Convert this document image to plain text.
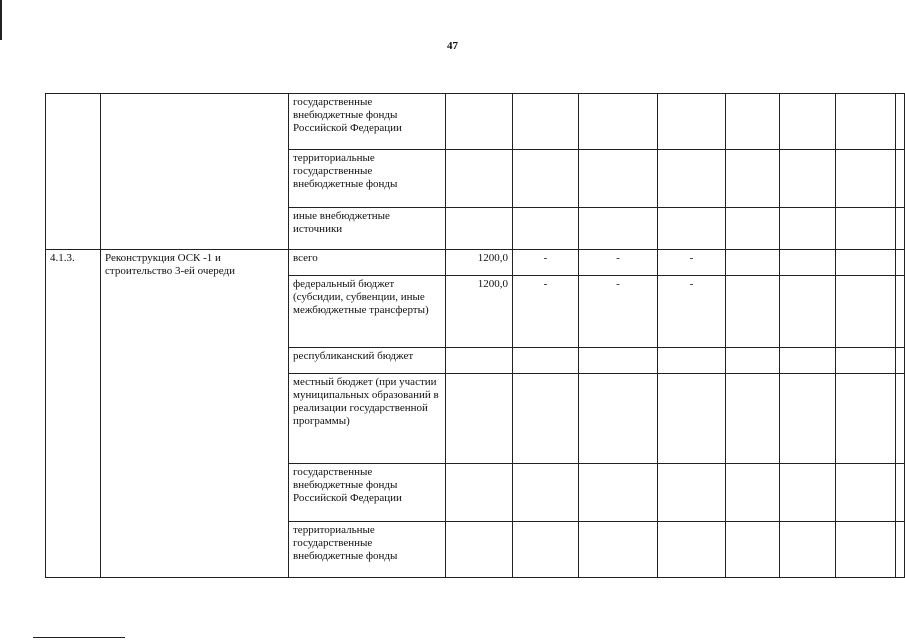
47
		государственные внебюджетные фонды Российской Федерации								
		территориальные государственные внебюджетные фонды								
		иные внебюджетные источники								
4.1.3.	Реконструкция ОСК -1 и строительство 3-ей очереди	всего	1200,0	-	-	-				
		федеральный бюджет (субсидии, субвенции, иные межбюджетные трансферты)	1200,0	-	-	-				
		республиканский бюджет								
		местный бюджет (при участии муниципальных образований в реализации государственной программы)								
		государственные внебюджетные фонды Российской Федерации								
		территориальные государственные внебюджетные фонды								
